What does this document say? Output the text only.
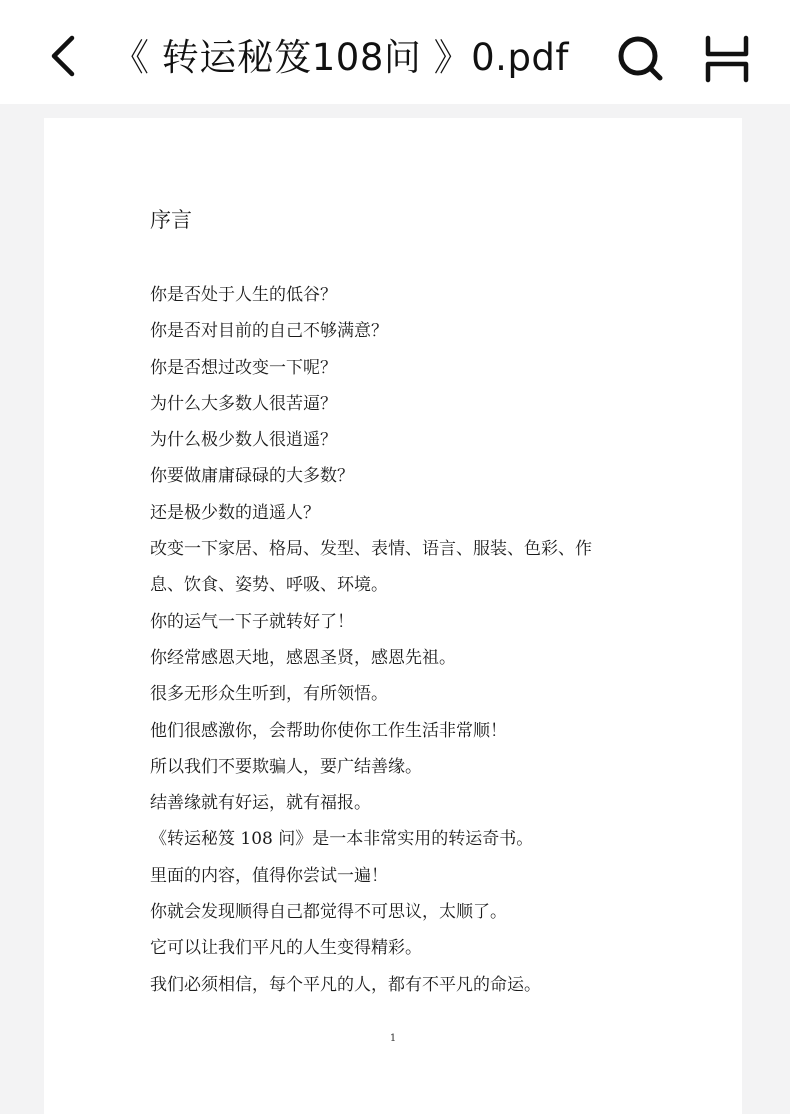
《 转运秘笈108问 》0.pdf
序言
你是否处于人生的低谷？
你是否对目前的自己不够满意？
你是否想过改变一下呢？
为什么大多数人很苦逼？
为什么极少数人很逍遥？
你要做庸庸碌碌的大多数？
还是极少数的逍遥人？
改变一下家居、格局、发型、表情、语言、服装、色彩、作
息、饮食、姿势、呼吸、环境。
你的运气一下子就转好了！
你经常感恩天地，感恩圣贤，感恩先祖。
很多无形众生听到，有所领悟。
他们很感激你，会帮助你使你工作生活非常顺！
所以我们不要欺骗人，要广结善缘。
结善缘就有好运，就有福报。
《转运秘笈 108 问》是一本非常实用的转运奇书。
里面的内容，值得你尝试一遍！
你就会发现顺得自己都觉得不可思议，太顺了。
它可以让我们平凡的人生变得精彩。
我们必须相信，每个平凡的人，都有不平凡的命运。
1
